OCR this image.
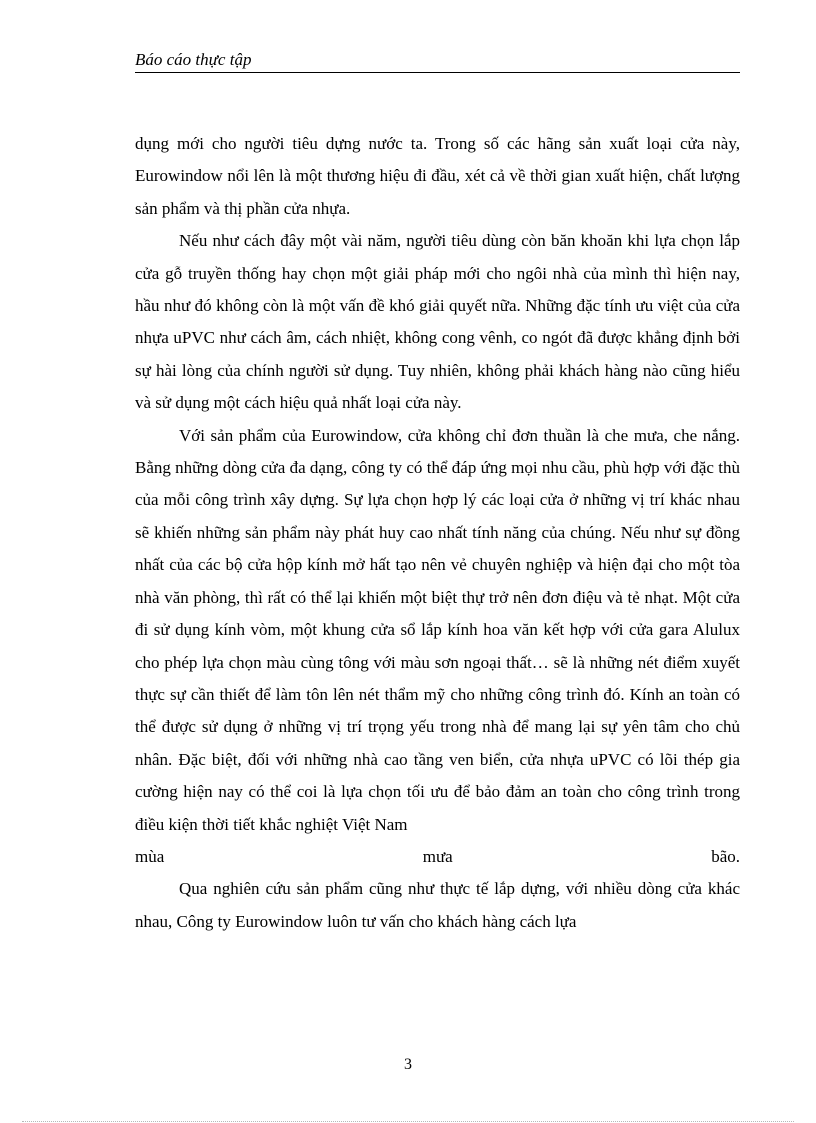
Báo cáo thực tập

dụng mới cho người tiêu dựng nước ta. Trong số các hãng sản xuất loại cửa này, Eurowindow nổi lên là một thương hiệu đi đầu, xét cả về thời gian xuất hiện, chất lượng sản phẩm và thị phần cửa nhựa.

Nếu như cách đây một vài năm, người tiêu dùng còn băn khoăn khi lựa chọn lắp cửa gỗ truyền thống hay chọn một giải pháp mới cho ngôi nhà của mình thì hiện nay, hầu như đó không còn là một vấn đề khó giải quyết nữa. Những đặc tính ưu việt của cửa nhựa uPVC như cách âm, cách nhiệt, không cong vênh, co ngót đã được khẳng định bởi sự hài lòng của chính người sử dụng. Tuy nhiên, không phải khách hàng nào cũng hiểu và sử dụng một cách hiệu quả nhất loại cửa này.

Với sản phẩm của Eurowindow, cửa không chỉ đơn thuần là che mưa, che nắng. Bằng những dòng cửa đa dạng, công ty có thể đáp ứng mọi nhu cầu, phù hợp với đặc thù của mỗi công trình xây dựng. Sự lựa chọn hợp lý các loại cửa ở những vị trí khác nhau sẽ khiến những sản phẩm này phát huy cao nhất tính năng của chúng. Nếu như sự đồng nhất của các bộ cửa hộp kính mở hất tạo nên vẻ chuyên nghiệp và hiện đại cho một tòa nhà văn phòng, thì rất có thể lại khiến một biệt thự trở nên đơn điệu và tẻ nhạt. Một cửa đi sử dụng kính vòm, một khung cửa sổ lắp kính hoa văn kết hợp với cửa gara Alulux cho phép lựa chọn màu cùng tông với màu sơn ngoại thất… sẽ là những nét điểm xuyết thực sự cần thiết để làm tôn lên nét thẩm mỹ cho những công trình đó. Kính an toàn có thể được sử dụng ở những vị trí trọng yếu trong nhà để mang lại sự yên tâm cho chủ nhân. Đặc biệt, đối với những nhà cao tầng ven biển, cửa nhựa uPVC có lõi thép gia cường hiện nay có thể coi là lựa chọn tối ưu để bảo đảm an toàn cho công trình trong điều kiện thời tiết khắc nghiệt Việt Nam

mùa	mưa	bão.

Qua nghiên cứu sản phẩm cũng như thực tế lắp dựng, với nhiều dòng cửa khác nhau, Công ty Eurowindow luôn tư vấn cho khách hàng cách lựa

3
